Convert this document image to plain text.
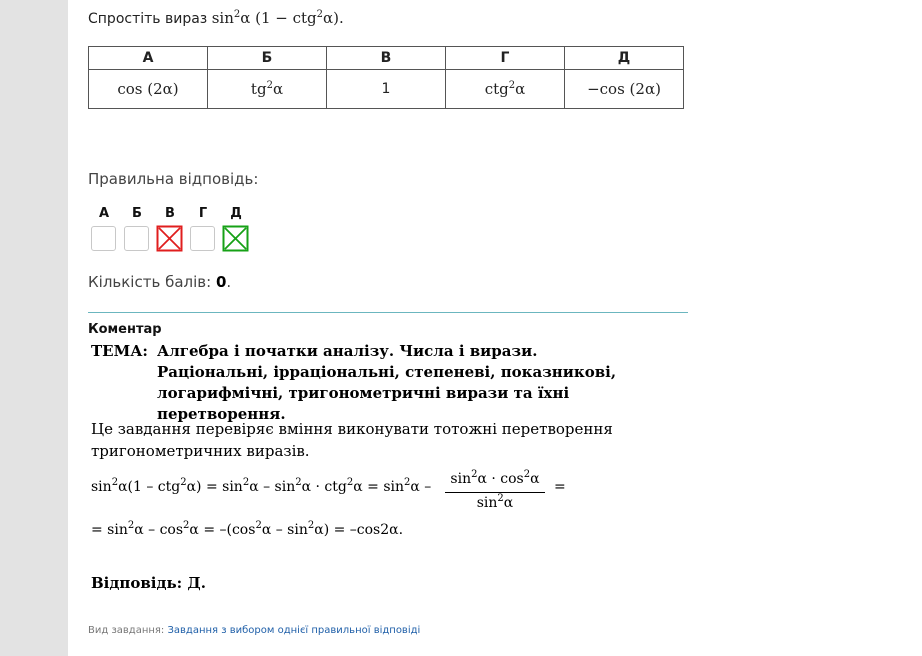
Спростіть вираз $\sin^2\alpha$ (1 − ctg$^2$α).
А	Б	В	Г	Д
cos (2α)	$tg^2\alpha$	1	ctg$^2$α	−cos (2α)
Правильна відповідь:
А	Б	В	Г	Д
Кількість балів: 0.
Коментар
ТЕМА: Алгебра і початки аналізу. Числа і вирази. Раціональні, ірраціональні, степеневі, показникові, логарифмічні, тригонометричні вирази та їхні перетворення.
Це завдання перевіряє вміння виконувати тотожні перетворення тригонометричних виразів.
$\sin^2\alpha(1 - ctg^2\alpha) = \sin^2\alpha - \sin^2\alpha \cdot ctg^2\alpha = \sin^2\alpha$ –	$\sin^2\alpha \cdot \cos^2\alpha$
$\sin^2\alpha$
=
= $\sin^2\alpha - \cos^2\alpha = -(\cos^2\alpha - \sin^2\alpha) = -\cos 2\alpha$.
Відповідь: Д.
Вид завдання: Завдання з вибором однієї правильної відповіді
